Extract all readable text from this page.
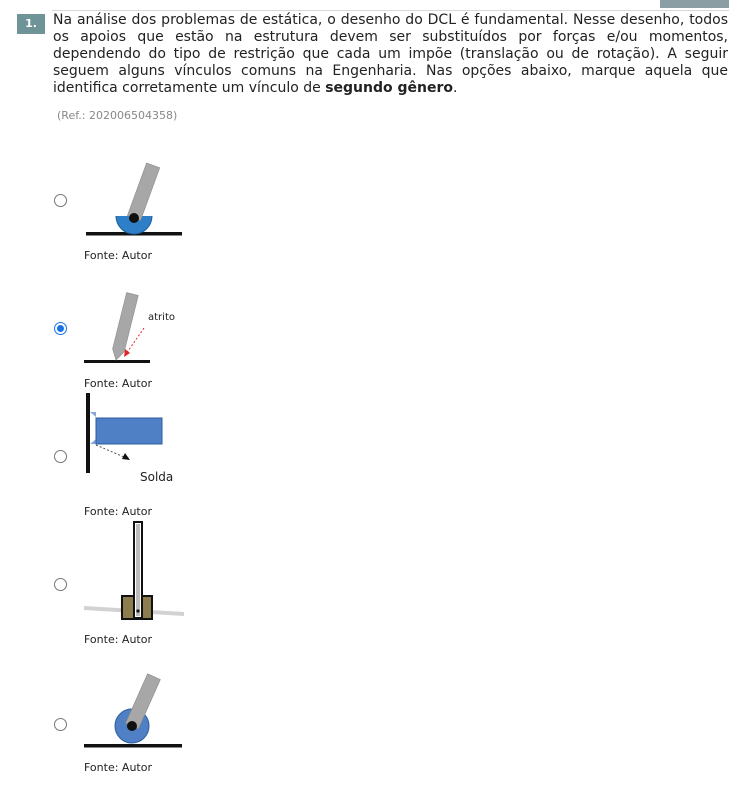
1.	Na análise dos problemas de estática, o desenho do DCL é fundamental. Nesse desenho, todos os apoios que estão na estrutura devem ser substituídos por forças e/ou momentos, dependendo do tipo de restrição que cada um impõe (translação ou de rotação). A seguir seguem alguns vínculos comuns na Engenharia. Nas opções abaixo, marque aquela que identifica corretamente um vínculo de segundo gênero.
(Ref.: 202006504358)
Fonte: Autor
atrito
Fonte: Autor
Solda
Fonte: Autor
Fonte: Autor
Fonte: Autor
